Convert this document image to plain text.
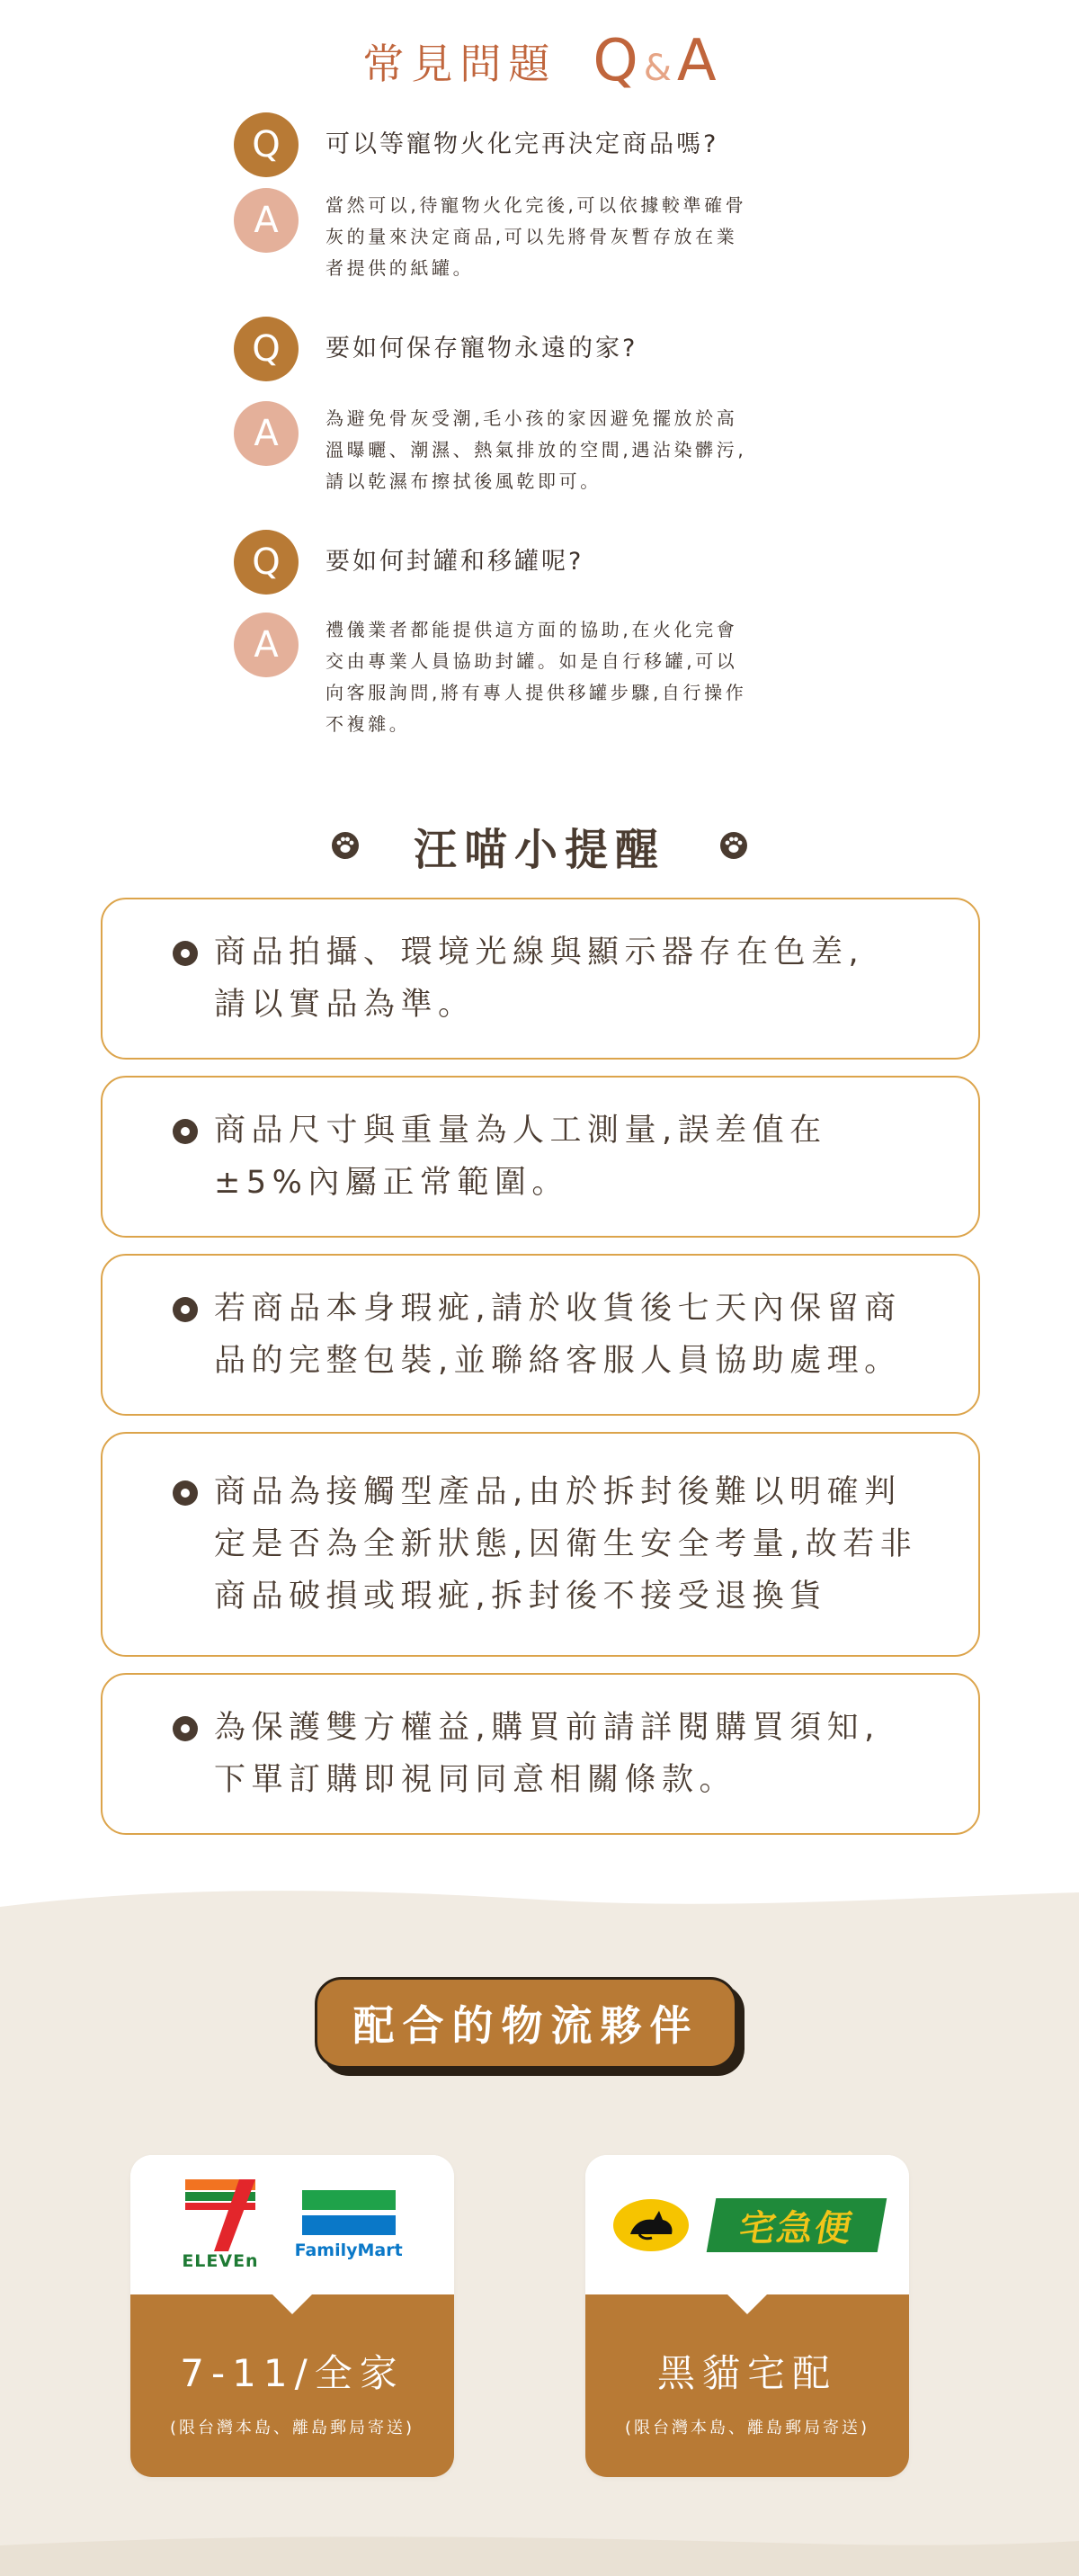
常見問題 Q & A
Q	可以等寵物火化完再決定商品嗎?
A	當然可以,待寵物火化完後,可以依據較準確骨灰的量來決定商品,可以先將骨灰暫存放在業者提供的紙罐。
Q	要如何保存寵物永遠的家?
A	為避免骨灰受潮,毛小孩的家因避免擺放於高溫曝曬、潮濕、熱氣排放的空間,遇沾染髒污,請以乾濕布擦拭後風乾即可。
Q	要如何封罐和移罐呢?
A	禮儀業者都能提供這方面的協助,在火化完會交由專業人員協助封罐。如是自行移罐,可以向客服詢問,將有專人提供移罐步驟,自行操作不複雜。
汪喵小提醒
商品拍攝、環境光線與顯示器存在色差,
請以實品為準。
商品尺寸與重量為人工測量,誤差值在
±5%內屬正常範圍。
若商品本身瑕疵,請於收貨後七天內保留商
品的完整包裝,並聯絡客服人員協助處理。
商品為接觸型產品,由於拆封後難以明確判
定是否為全新狀態,因衛生安全考量,故若非
商品破損或瑕疵,拆封後不接受退換貨
為保護雙方權益,購買前請詳閱購買須知,
下單訂購即視同同意相關條款。
配合的物流夥伴
ELEVEn
FamilyMart
7-11/全家
(限台灣本島、離島郵局寄送)
宅急便
黑貓宅配
(限台灣本島、離島郵局寄送)
